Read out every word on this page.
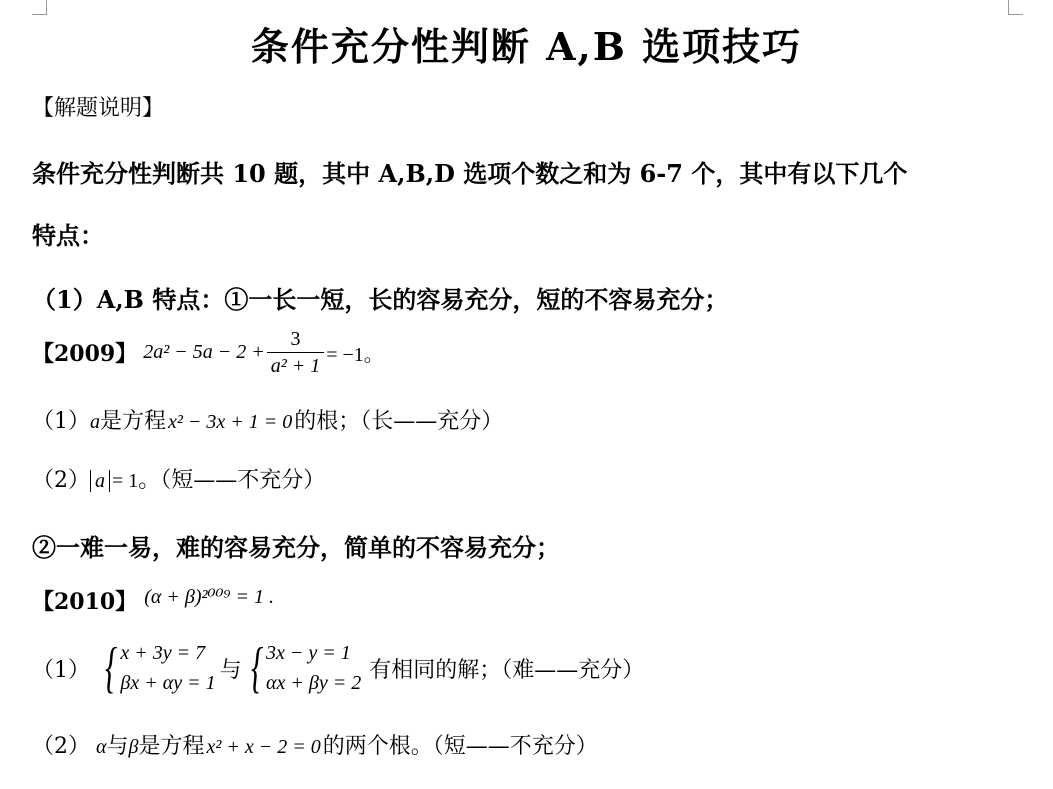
条件充分性判断 A,B 选项技巧
【解题说明】
条件充分性判断共 10 题，其中 A,B,D 选项个数之和为 6-7 个，其中有以下几个
特点：
（1）A,B 特点：①一长一短，长的容易充分，短的不容易充分；
【2009】 $2a^2 - 5a - 2 + \frac{3}{\text{a² + 1}} = -1$。
（1）a是方程 x² − 3x + 1 = 0的根；（长——充分）
（2） a = 1。（短——不充分）
②一难一易，难的容易充分，简单的不容易充分；
【2010】 (α + β)²⁰⁰⁹ = 1 .
（1） { x + 3y = 7
βx + αy = 1
与 { 3x − y = 1
αx + βy = 2
有相同的解；（难——充分）
（2） α与β是方程 x² + x − 2 = 0的两个根。（短——不充分）
